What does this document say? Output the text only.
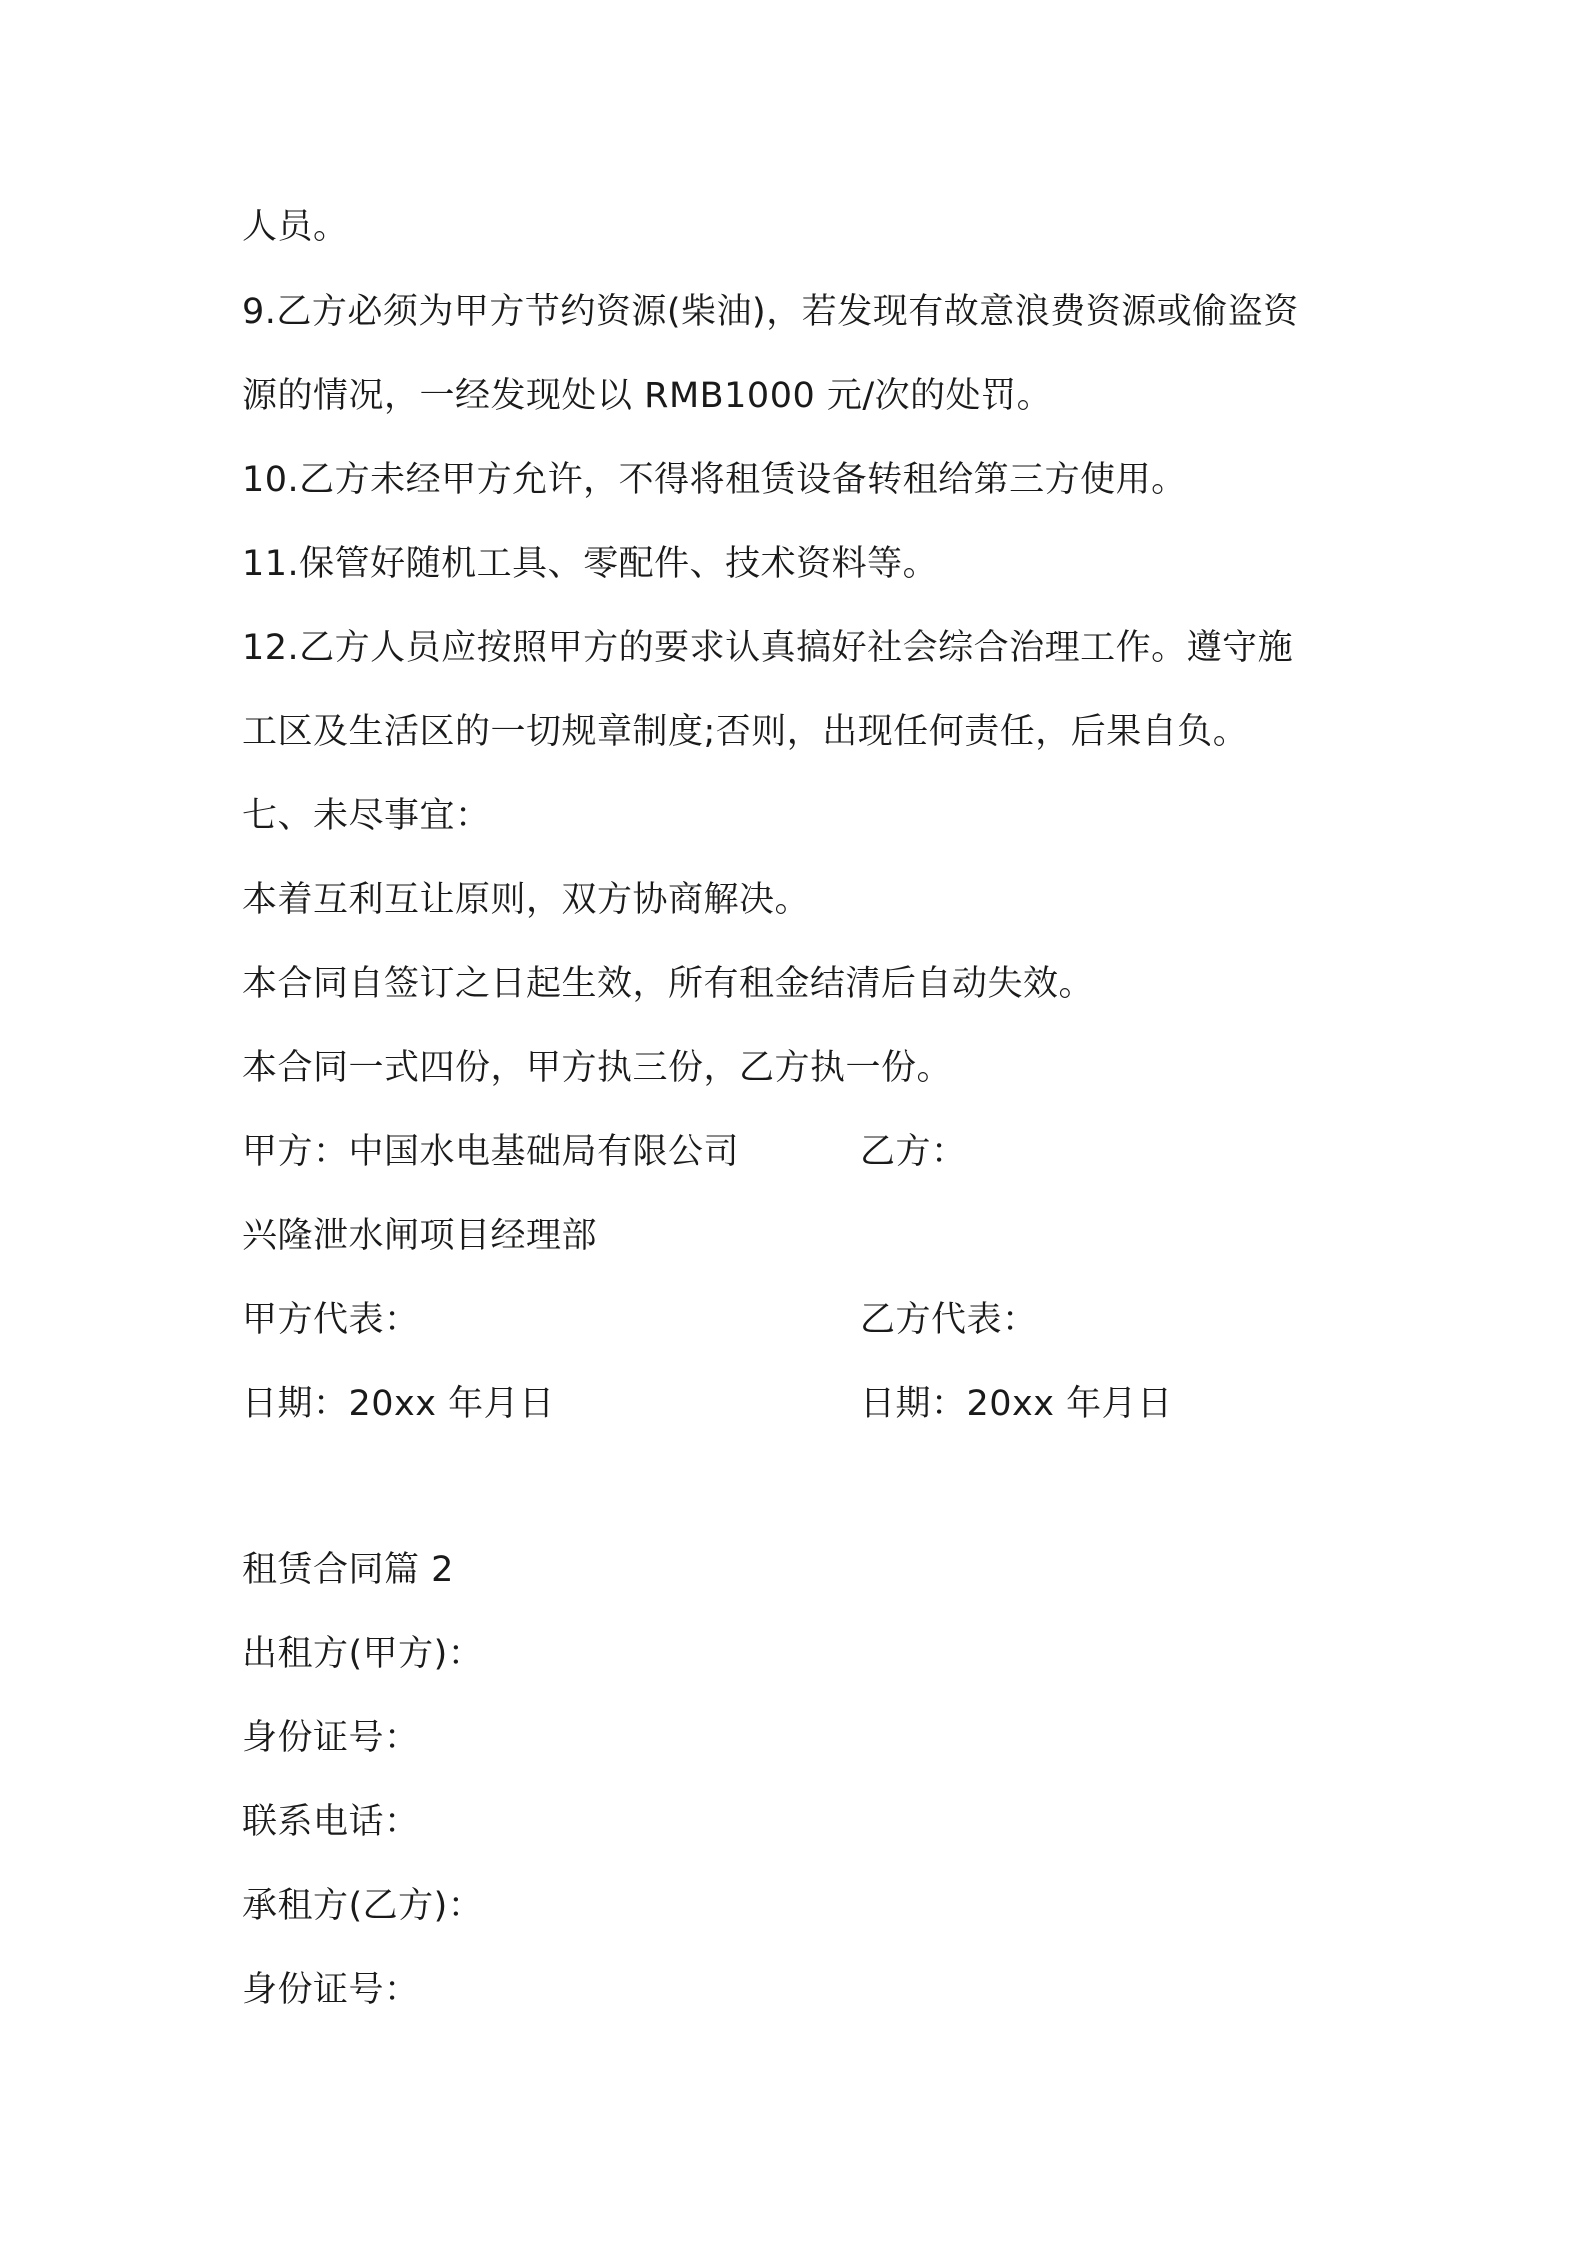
人员。
9.乙方必须为甲方节约资源(柴油)，若发现有故意浪费资源或偷盗资
源的情况，一经发现处以 RMB1000 元/次的处罚。
10.乙方未经甲方允许，不得将租赁设备转租给第三方使用。
11.保管好随机工具、零配件、技术资料等。
12.乙方人员应按照甲方的要求认真搞好社会综合治理工作。遵守施
工区及生活区的一切规章制度;否则，出现任何责任，后果自负。
七、未尽事宜：
本着互利互让原则，双方协商解决。
本合同自签订之日起生效，所有租金结清后自动失效。
本合同一式四份，甲方执三份，乙方执一份。
甲方：中国水电基础局有限公司	乙方：
兴隆泄水闸项目经理部
甲方代表：	乙方代表：
日期：20xx 年月日	日期：20xx 年月日
租赁合同篇 2
出租方(甲方)：
身份证号：
联系电话：
承租方(乙方)：
身份证号：
